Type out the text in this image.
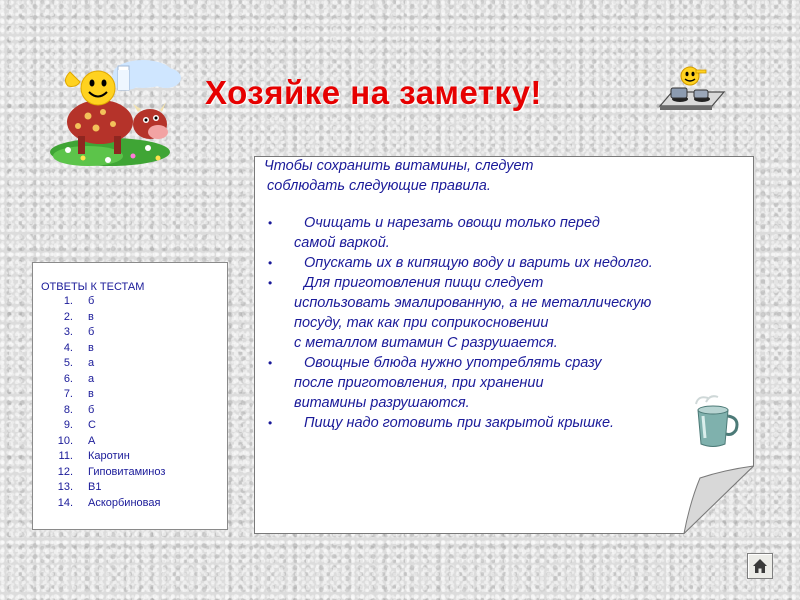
Хозяйке на заметку!
ОТВЕТЫ К ТЕСТАМ
1. б
2. в
3. б
4. в
5. а
6. а
7. в
8. б
9. С
10. А
11. Каротин
12. Гиповитаминоз
13. В1
14. Аскорбиновая
Чтобы сохранить витамины, следует
соблюдать следующие правила.
•	Очищать и нарезать овощи только перед
самой варкой.
•	Опускать их в кипящую воду и варить их недолго.
•	Для приготовления пищи следует
использовать эмалированную, а не металлическую
посуду, так как при соприкосновении
с металлом витамин С разрушается.
•	Овощные блюда нужно употреблять сразу
после приготовления, при хранении
витамины разрушаются.
•	Пищу надо готовить при закрытой крышке.
